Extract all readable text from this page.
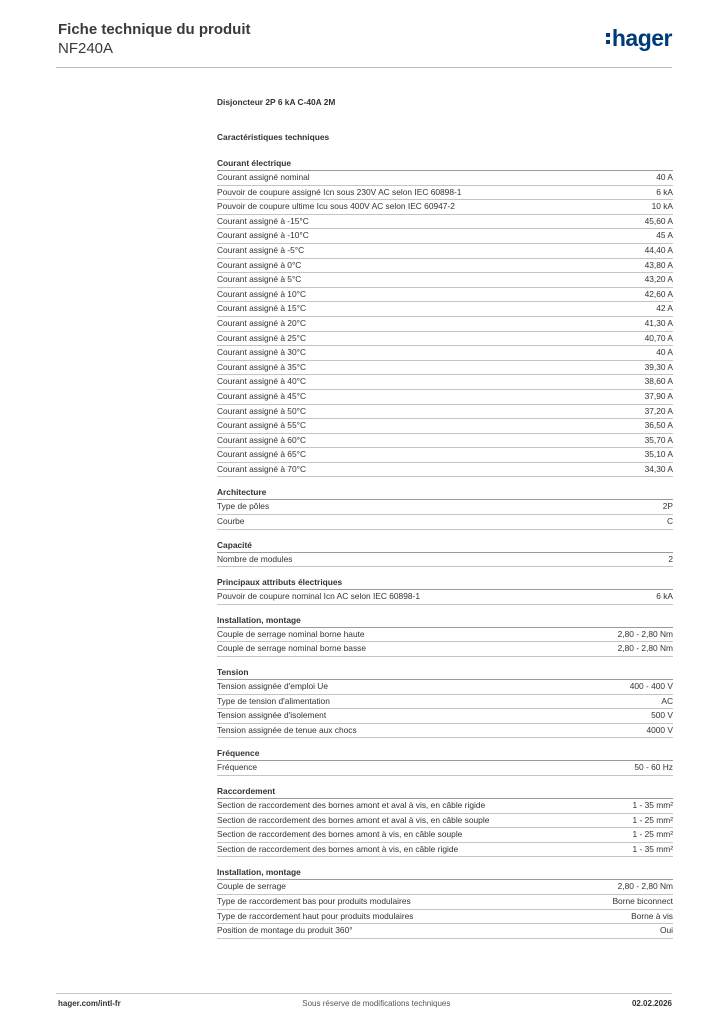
Fiche technique du produit
NF240A	hager
Disjoncteur 2P 6 kA C-40A 2M
Caractéristiques techniques
Courant électrique
Courant assigné nominal	40 A
Pouvoir de coupure assigné Icn sous 230V AC selon IEC 60898-1	6 kA
Pouvoir de coupure ultime Icu sous 400V AC selon IEC 60947-2	10 kA
Courant assigné à -15°C	45,60 A
Courant assigné à -10°C	45 A
Courant assigné à -5°C	44,40 A
Courant assigné à 0°C	43,80 A
Courant assigné à 5°C	43,20 A
Courant assigné à 10°C	42,60 A
Courant assigné à 15°C	42 A
Courant assigné à 20°C	41,30 A
Courant assigné à 25°C	40,70 A
Courant assigné à 30°C	40 A
Courant assigné à 35°C	39,30 A
Courant assigné à 40°C	38,60 A
Courant assigné à 45°C	37,90 A
Courant assigné à 50°C	37,20 A
Courant assigné à 55°C	36,50 A
Courant assigné à 60°C	35,70 A
Courant assigné à 65°C	35,10 A
Courant assigné à 70°C	34,30 A
Architecture
Type de pôles	2P
Courbe	C
Capacité
Nombre de modules	2
Principaux attributs électriques
Pouvoir de coupure nominal Icn AC selon IEC 60898-1	6 kA
Installation, montage
Couple de serrage nominal borne haute	2,80 - 2,80 Nm
Couple de serrage nominal borne basse	2,80 - 2,80 Nm
Tension
Tension assignée d'emploi Ue	400 - 400 V
Type de tension d'alimentation	AC
Tension assignée d'isolement	500 V
Tension assignée de tenue aux chocs	4000 V
Fréquence
Fréquence	50 - 60 Hz
Raccordement
Section de raccordement des bornes amont et aval à vis, en câble rigide	1 - 35 mm²
Section de raccordement des bornes amont et aval à vis, en câble souple	1 - 25 mm²
Section de raccordement des bornes amont à vis, en câble souple	1 - 25 mm²
Section de raccordement des bornes amont à vis, en câble rigide	1 - 35 mm²
Installation, montage
Couple de serrage	2,80 - 2,80 Nm
Type de raccordement bas pour produits modulaires	Borne biconnect
Type de raccordement haut pour produits modulaires	Borne à vis
Position de montage du produit 360°	Oui
hager.com/intl-fr	Sous réserve de modifications techniques	02.02.2026
